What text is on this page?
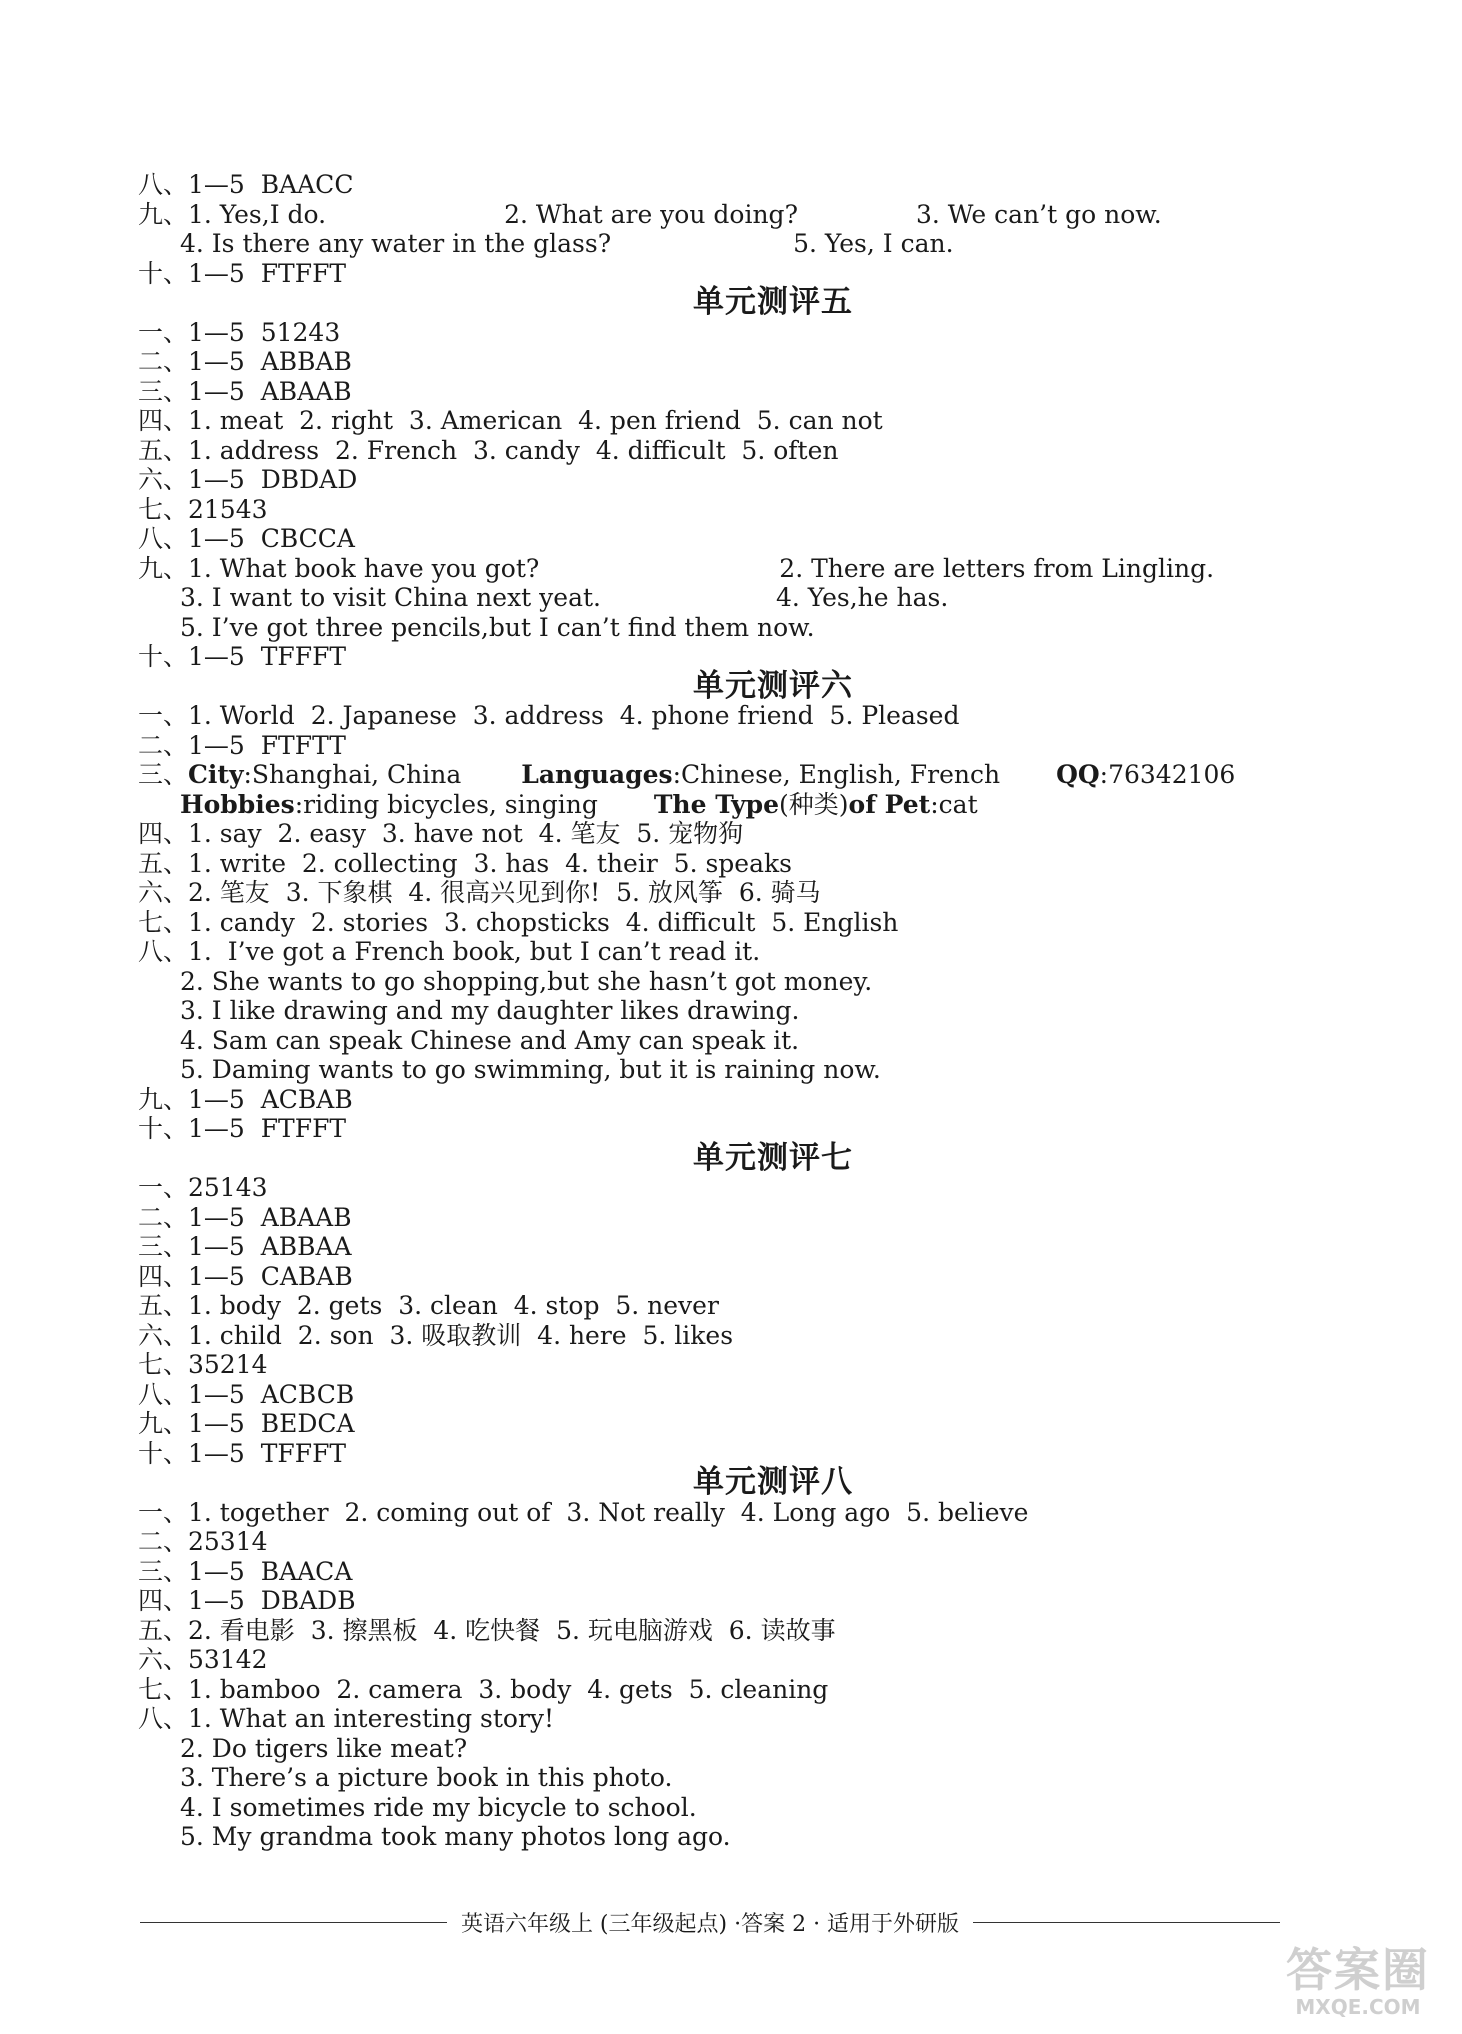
八、1—5  BAACC
九、1. Yes,I do.	2. What are you doing?	3. We can’t go now.
4. Is there any water in the glass?	5. Yes, I can.
十、1—5  FTFFT
单元测评五
一、1—5  51243
二、1—5  ABBAB
三、1—5  ABAAB
四、1. meat  2. right  3. American  4. pen friend  5. can not
五、1. address  2. French  3. candy  4. difficult  5. often
六、1—5  DBDAD
七、21543
八、1—5  CBCCA
九、1. What book have you got?	2. There are letters from Lingling.
3. I want to visit China next yeat.	4. Yes,he has.
5. I’ve got three pencils,but I can’t find them now.
十、1—5  TFFFT
单元测评六
一、1. World  2. Japanese  3. address  4. phone friend  5. Pleased
二、1—5  FTFTT
三、City:Shanghai, China Languages:Chinese, English, French QQ:76342106
Hobbies:riding bicycles, singing The Type(种类)of Pet:cat
四、1. say  2. easy  3. have not  4. 笔友  5. 宠物狗
五、1. write  2. collecting  3. has  4. their  5. speaks
六、2. 笔友  3. 下象棋  4. 很高兴见到你!  5. 放风筝  6. 骑马
七、1. candy  2. stories  3. chopsticks  4. difficult  5. English
八、1.  I’ve got a French book, but I can’t read it.
2. She wants to go shopping,but she hasn’t got money.
3. I like drawing and my daughter likes drawing.
4. Sam can speak Chinese and Amy can speak it.
5. Daming wants to go swimming, but it is raining now.
九、1—5  ACBAB
十、1—5  FTFFT
单元测评七
一、25143
二、1—5  ABAAB
三、1—5  ABBAA
四、1—5  CABAB
五、1. body  2. gets  3. clean  4. stop  5. never
六、1. child  2. son  3. 吸取教训  4. here  5. likes
七、35214
八、1—5  ACBCB
九、1—5  BEDCA
十、1—5  TFFFT
单元测评八
一、1. together  2. coming out of  3. Not really  4. Long ago  5. believe
二、25314
三、1—5  BAACA
四、1—5  DBADB
五、2. 看电影  3. 擦黑板  4. 吃快餐  5. 玩电脑游戏  6. 读故事
六、53142
七、1. bamboo  2. camera  3. body  4. gets  5. cleaning
八、1. What an interesting story!
2. Do tigers like meat?
3. There’s a picture book in this photo.
4. I sometimes ride my bicycle to school.
5. My grandma took many photos long ago.
英语六年级上 (三年级起点) ·答案 2 · 适用于外研版
答案圈
MXQE.COM
